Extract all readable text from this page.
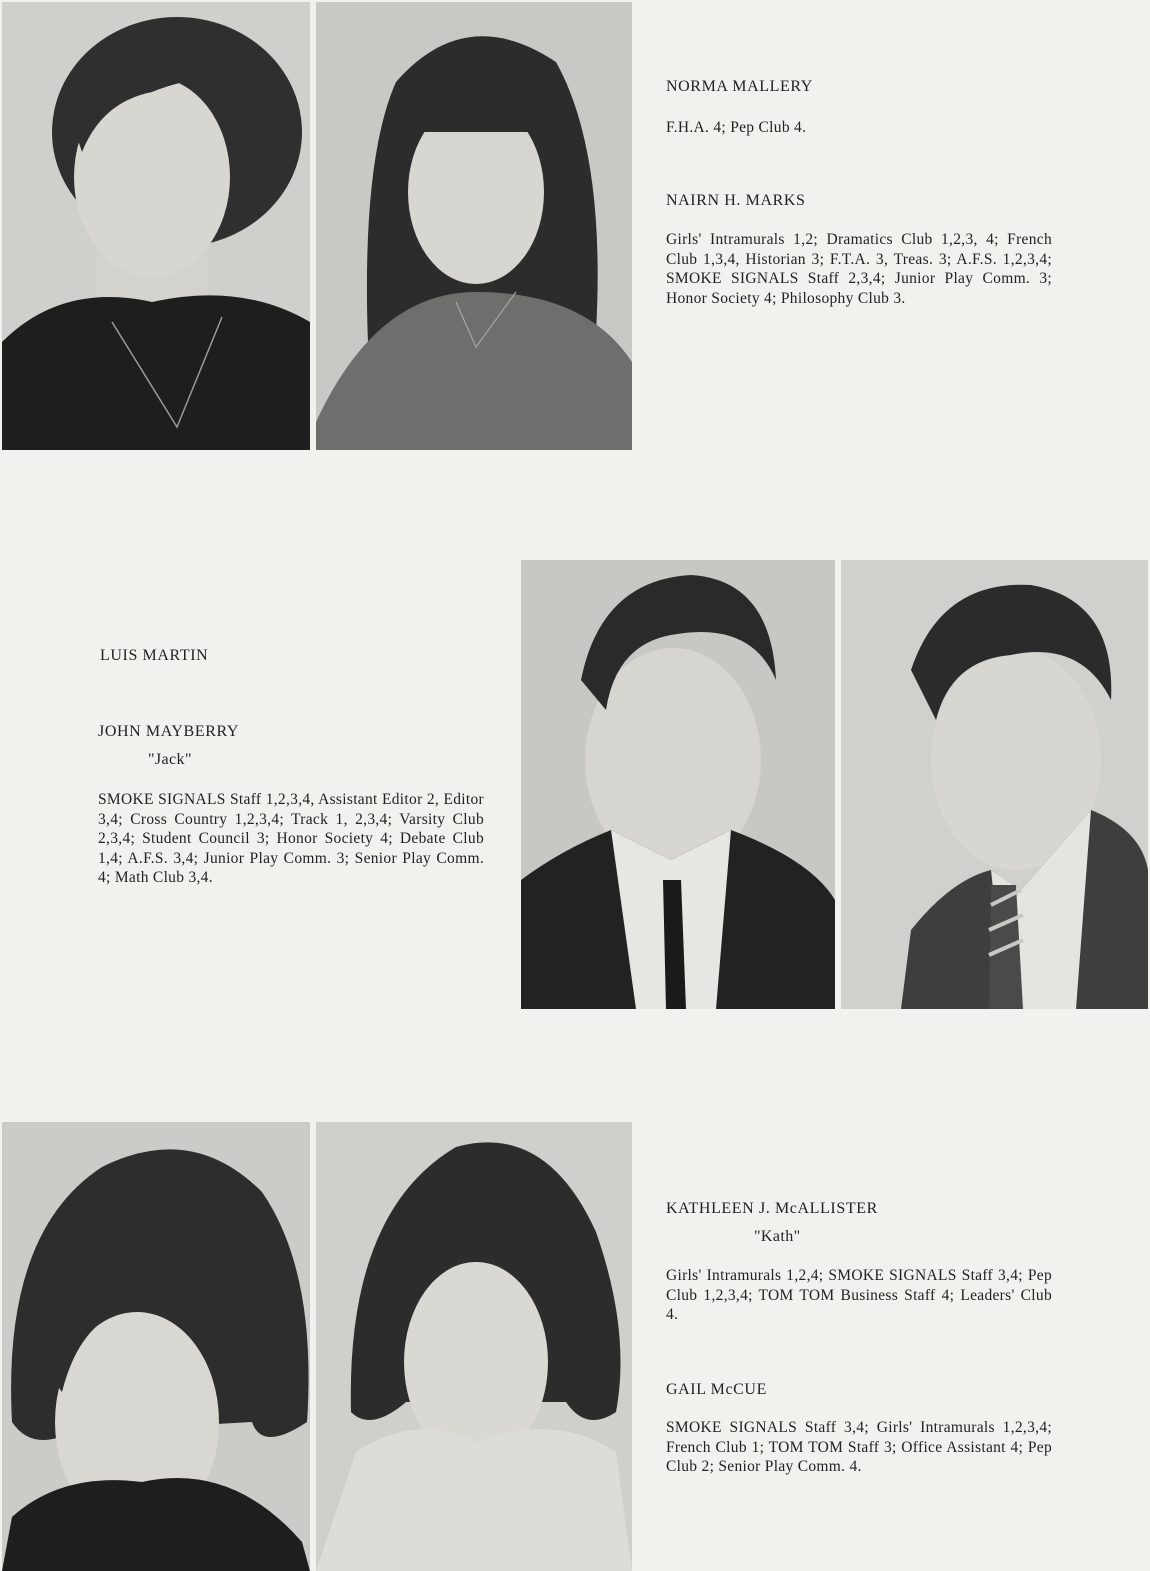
NORMA MALLERY

F.H.A. 4; Pep Club 4.

NAIRN H. MARKS

Girls' Intramurals 1,2; Dramatics Club 1,2,3, 4; French Club 1,3,4, Historian 3; F.T.A. 3, Treas. 3; A.F.S. 1,2,3,4; SMOKE SIGNALS Staff 2,3,4; Junior Play Comm. 3; Honor Society 4; Philosophy Club 3.

LUIS MARTIN
JOHN MAYBERRY
"Jack"

SMOKE SIGNALS Staff 1,2,3,4, Assistant Editor 2, Editor 3,4; Cross Country 1,2,3,4; Track 1, 2,3,4; Varsity Club 2,3,4; Student Council 3; Honor Society 4; Debate Club 1,4; A.F.S. 3,4; Junior Play Comm. 3; Senior Play Comm. 4; Math Club 3,4.

KATHLEEN J. McALLISTER
"Kath"

Girls' Intramurals 1,2,4; SMOKE SIGNALS Staff 3,4; Pep Club 1,2,3,4; TOM TOM Business Staff 4; Leaders' Club 4.

GAIL McCUE

SMOKE SIGNALS Staff 3,4; Girls' Intramurals 1,2,3,4; French Club 1; TOM TOM Staff 3; Office Assistant 4; Pep Club 2; Senior Play Comm. 4.
